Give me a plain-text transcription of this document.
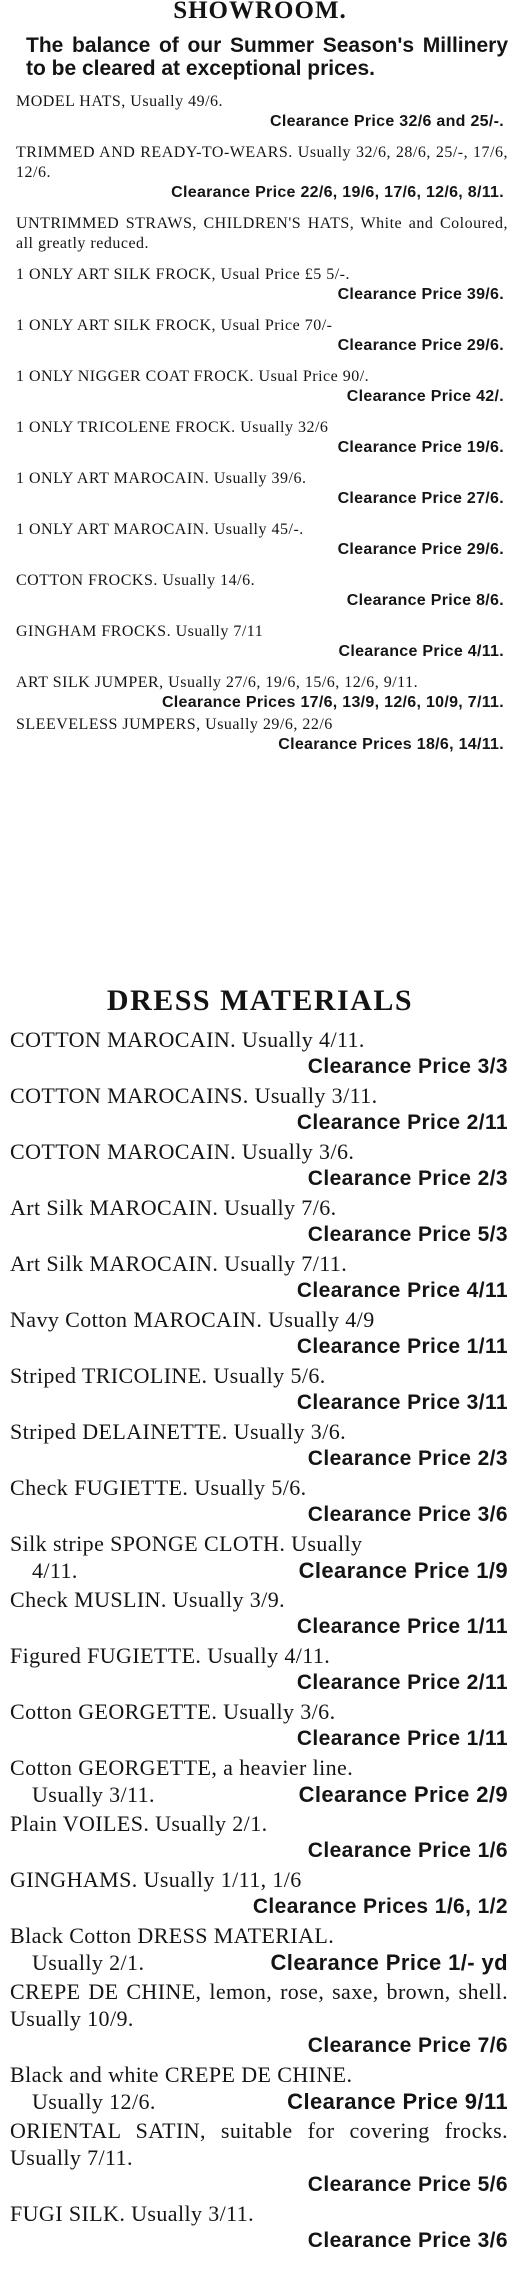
SHOWROOM.
The balance of our Summer Season's Millinery to be cleared at exceptional prices.
MODEL HATS, Usually 49/6.
Clearance Price 32/6 and 25/-.
TRIMMED AND READY-TO-WEARS. Usually 32/6, 28/6, 25/-, 17/6, 12/6.
Clearance Price 22/6, 19/6, 17/6, 12/6, 8/11.
UNTRIMMED STRAWS, CHILDREN'S HATS, White and Coloured, all greatly reduced.
1 ONLY ART SILK FROCK, Usual Price £5 5/-.
Clearance Price 39/6.
1 ONLY ART SILK FROCK, Usual Price 70/-
Clearance Price 29/6.
1 ONLY NIGGER COAT FROCK. Usual Price 90/.
Clearance Price 42/.
1 ONLY TRICOLENE FROCK. Usually 32/6
Clearance Price 19/6.
1 ONLY ART MAROCAIN. Usually 39/6.
Clearance Price 27/6.
1 ONLY ART MAROCAIN. Usually 45/-.
Clearance Price 29/6.
COTTON FROCKS. Usually 14/6.
Clearance Price 8/6.
GINGHAM FROCKS. Usually 7/11
Clearance Price 4/11.
ART SILK JUMPER, Usually 27/6, 19/6, 15/6, 12/6, 9/11.
Clearance Prices 17/6, 13/9, 12/6, 10/9, 7/11.
SLEEVELESS JUMPERS, Usually 29/6, 22/6
Clearance Prices 18/6, 14/11.
DRESS MATERIALS
COTTON MAROCAIN. Usually 4/11.
Clearance Price 3/3
COTTON MAROCAINS. Usually 3/11.
Clearance Price 2/11
COTTON MAROCAIN. Usually 3/6.
Clearance Price 2/3
Art Silk MAROCAIN. Usually 7/6.
Clearance Price 5/3
Art Silk MAROCAIN. Usually 7/11.
Clearance Price 4/11
Navy Cotton MAROCAIN. Usually 4/9
Clearance Price 1/11
Striped TRICOLINE. Usually 5/6.
Clearance Price 3/11
Striped DELAINETTE. Usually 3/6.
Clearance Price 2/3
Check FUGIETTE. Usually 5/6.
Clearance Price 3/6
Silk stripe SPONGE CLOTH. Usually
Clearance Price 1/9
4/11.
Check MUSLIN. Usually 3/9.
Clearance Price 1/11
Figured FUGIETTE. Usually 4/11.
Clearance Price 2/11
Cotton GEORGETTE. Usually 3/6.
Clearance Price 1/11
Cotton GEORGETTE, a heavier line.
Clearance Price 2/9
Usually 3/11.
Plain VOILES. Usually 2/1.
Clearance Price 1/6
GINGHAMS. Usually 1/11, 1/6
Clearance Prices 1/6, 1/2
Black Cotton DRESS MATERIAL.
Clearance Price 1/- yd
Usually 2/1.
CREPE DE CHINE, lemon, rose, saxe, brown, shell. Usually 10/9.
Clearance Price 7/6
Black and white CREPE DE CHINE.
Clearance Price 9/11
Usually 12/6.
ORIENTAL SATIN, suitable for covering frocks. Usually 7/11.
Clearance Price 5/6
FUGI SILK. Usually 3/11.
Clearance Price 3/6
